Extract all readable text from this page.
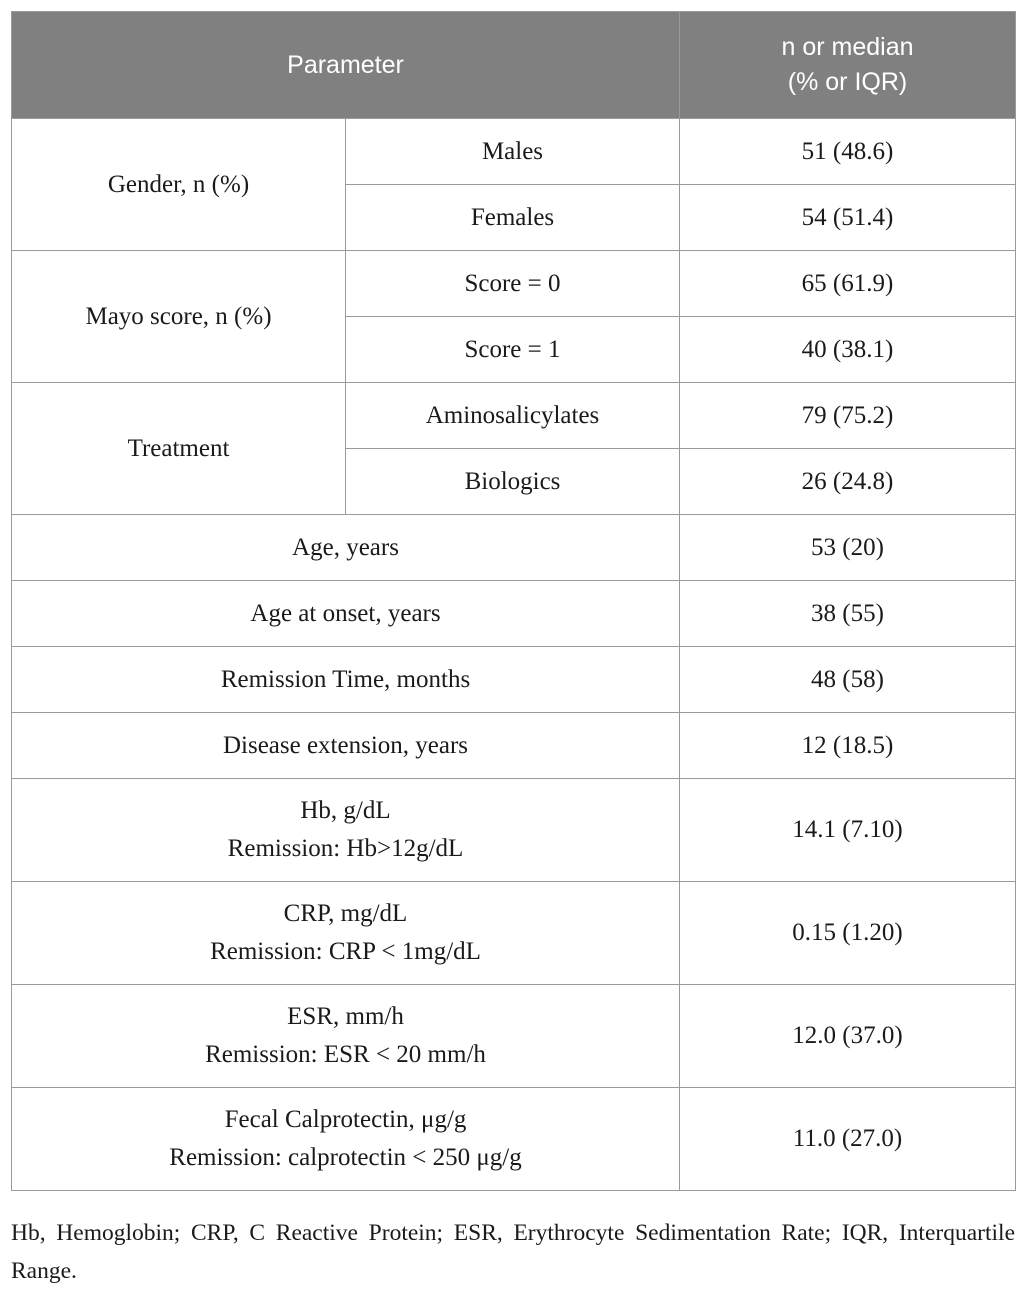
Parameter		n or median
(% or IQR)

Gender, n (%)	Males	51 (48.6)
	Females	54 (51.4)
Mayo score, n (%)	Score = 0	65 (61.9)
	Score = 1	40 (38.1)
Treatment	Aminosalicylates	79 (75.2)
	Biologics	26 (24.8)
Age, years		53 (20)
Age at onset, years		38 (55)
Remission Time, months		48 (58)
Disease extension, years		12 (18.5)

Hb, g/dL
Remission: Hb>12g/dL		14.1 (7.10)

CRP, mg/dL
Remission: CRP < 1mg/dL		0.15 (1.20)

ESR, mm/h
Remission: ESR < 20 mm/h		12.0 (37.0)

Fecal Calprotectin, μg/g
Remission: calprotectin < 250 μg/g		11.0 (27.0)
Hb, Hemoglobin; CRP, C Reactive Protein; ESR, Erythrocyte Sedimentation Rate; IQR, Interquartile Range.
